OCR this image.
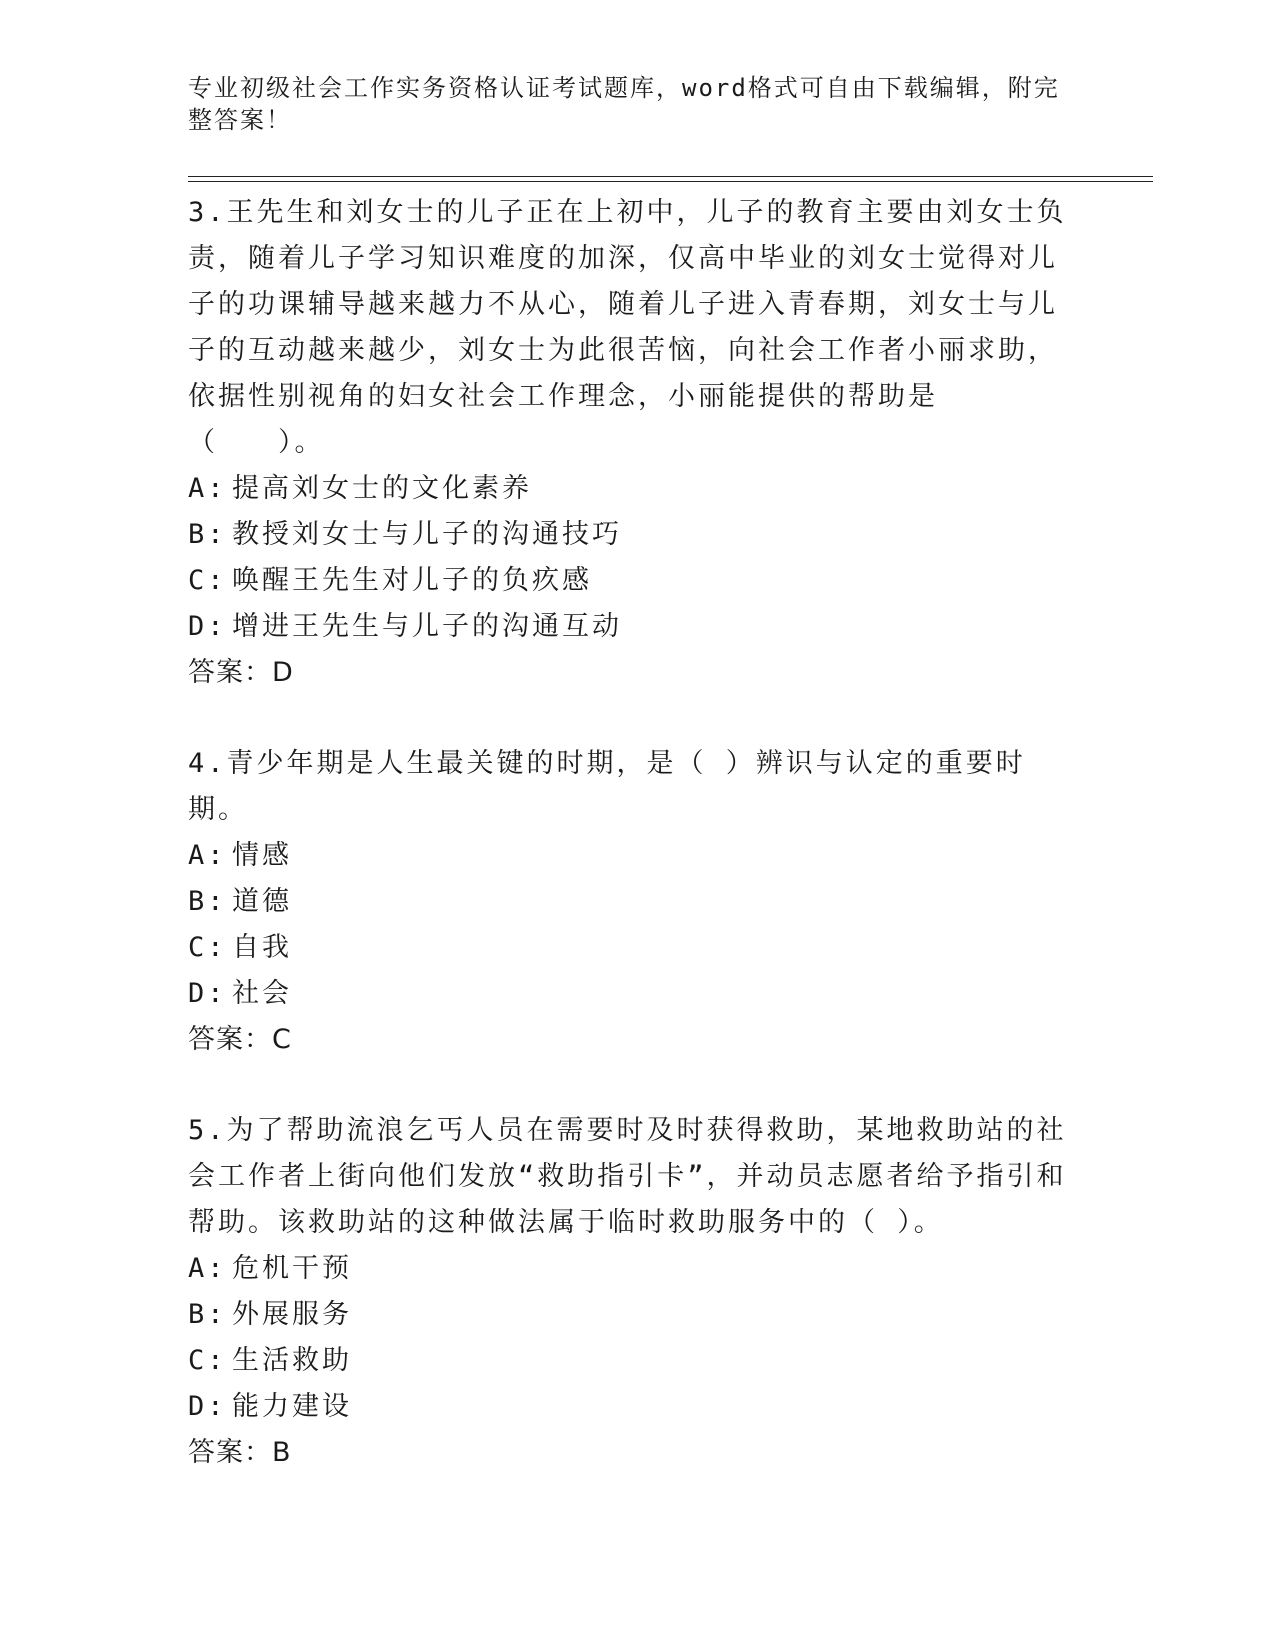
专业初级社会工作实务资格认证考试题库，word格式可自由下载编辑，附完整答案！

3.王先生和刘女士的儿子正在上初中，儿子的教育主要由刘女士负责，随着儿子学习知识难度的加深，仅高中毕业的刘女士觉得对儿子的功课辅导越来越力不从心，随着儿子进入青春期，刘女士与儿子的互动越来越少，刘女士为此很苦恼，向社会工作者小丽求助，依据性别视角的妇女社会工作理念，小丽能提供的帮助是（　　）。

A: 提高刘女士的文化素养

B: 教授刘女士与儿子的沟通技巧

C: 唤醒王先生对儿子的负疚感

D: 增进王先生与儿子的沟通互动

答案：D

4.青少年期是人生最关键的时期，是（ ）辨识与认定的重要时期。

A: 情感

B: 道德

C: 自我

D: 社会

答案：C

5.为了帮助流浪乞丐人员在需要时及时获得救助，某地救助站的社会工作者上街向他们发放“救助指引卡”，并动员志愿者给予指引和帮助。该救助站的这种做法属于临时救助服务中的（ ）。

A: 危机干预

B: 外展服务

C: 生活救助

D: 能力建设

答案：B
